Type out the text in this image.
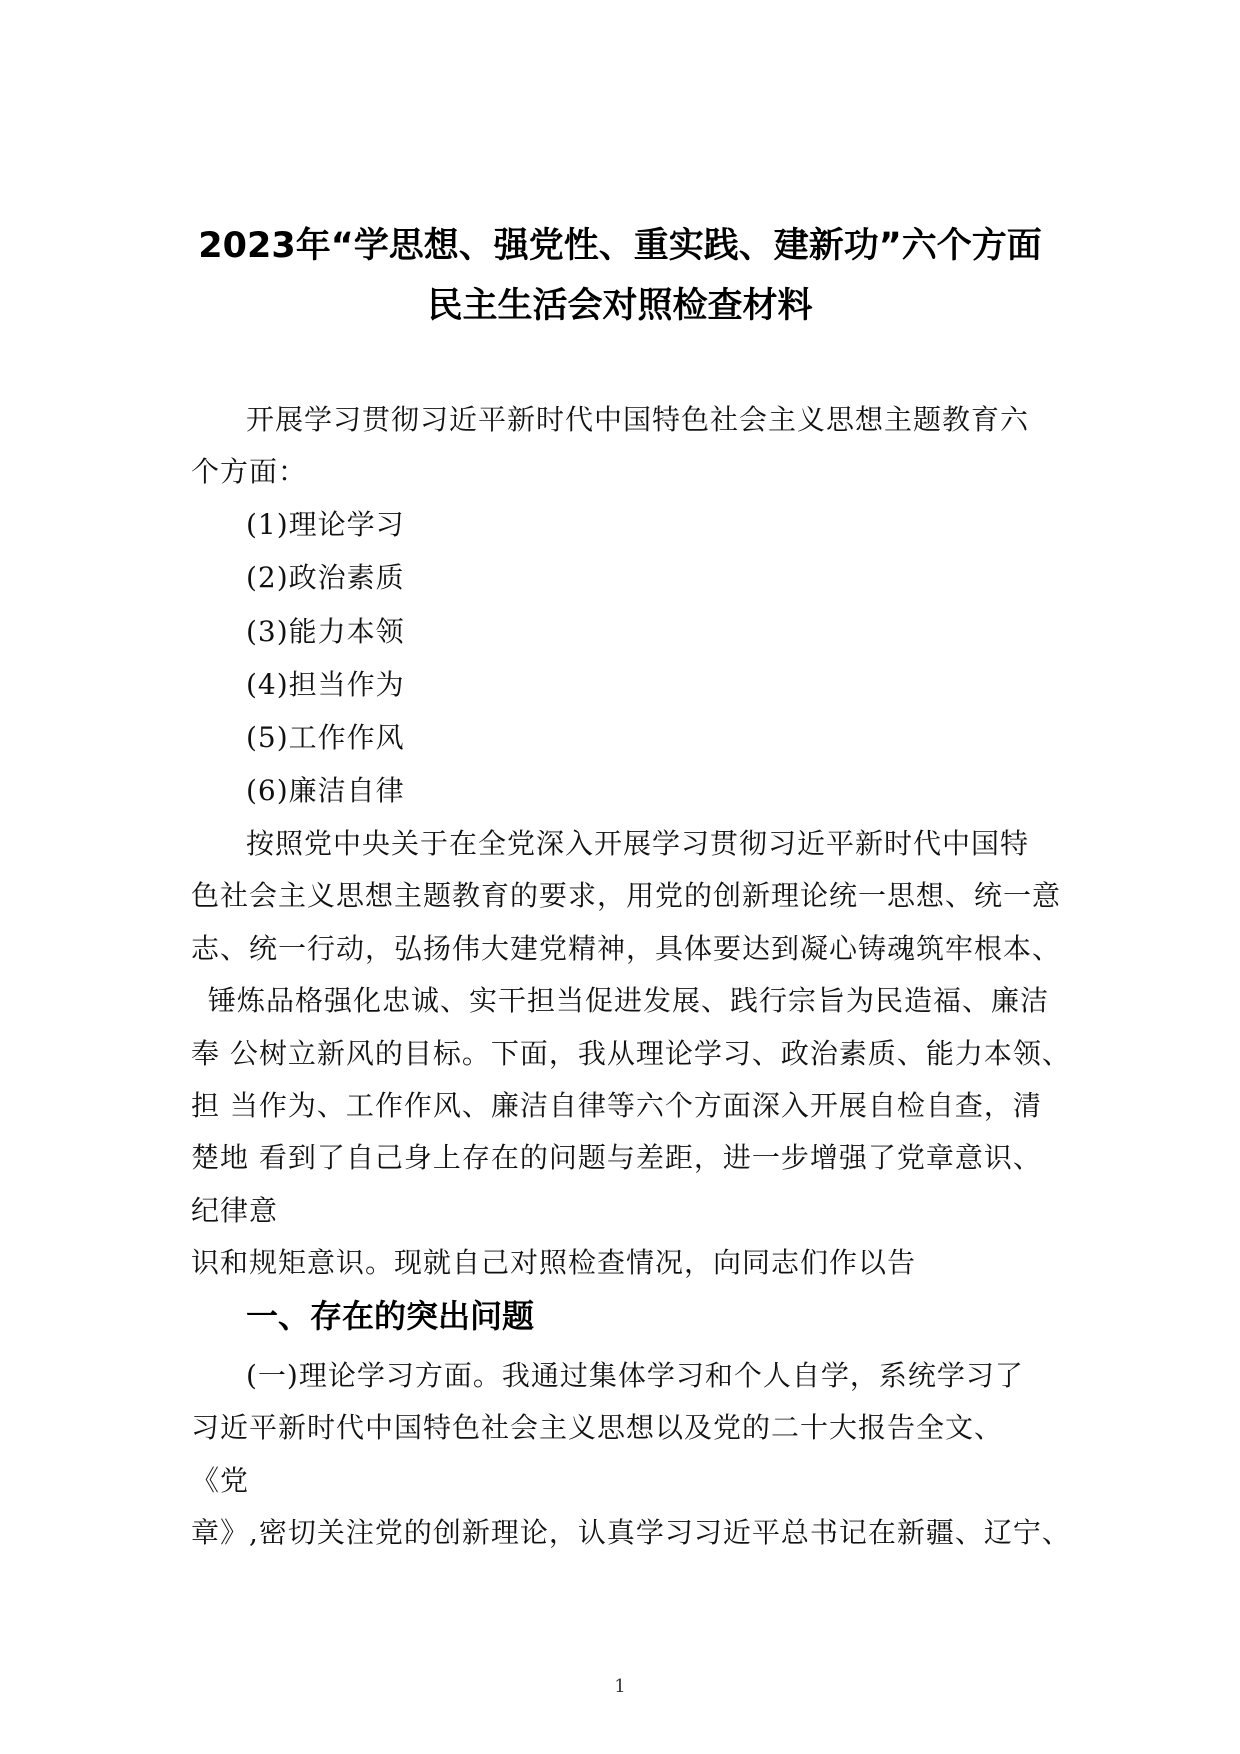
2023年“学思想、强党性、重实践、建新功”六个方面
民主生活会对照检查材料
开展学习贯彻习近平新时代中国特色社会主义思想主题教育六
个方面：
(1)理论学习
(2)政治素质
(3)能力本领
(4)担当作为
(5)工作作风
(6)廉洁自律
按照党中央关于在全党深入开展学习贯彻习近平新时代中国特
色社会主义思想主题教育的要求，用党的创新理论统一思想、统一意
志、统一行动，弘扬伟大建党精神，具体要达到凝心铸魂筑牢根本、
锤炼品格强化忠诚、实干担当促进发展、践行宗旨为民造福、廉洁
奉 公树立新风的目标。下面，我从理论学习、政治素质、能力本领、
担 当作为、工作作风、廉洁自律等六个方面深入开展自检自查，清
楚地 看到了自己身上存在的问题与差距，进一步增强了党章意识、
纪律意
识和规矩意识。现就自己对照检查情况，向同志们作以告
一、存在的突出问题
(一)理论学习方面。我通过集体学习和个人自学，系统学习了
习近平新时代中国特色社会主义思想以及党的二十大报告全文、
《党
章》,密切关注党的创新理论，认真学习习近平总书记在新疆、辽宁、
1
